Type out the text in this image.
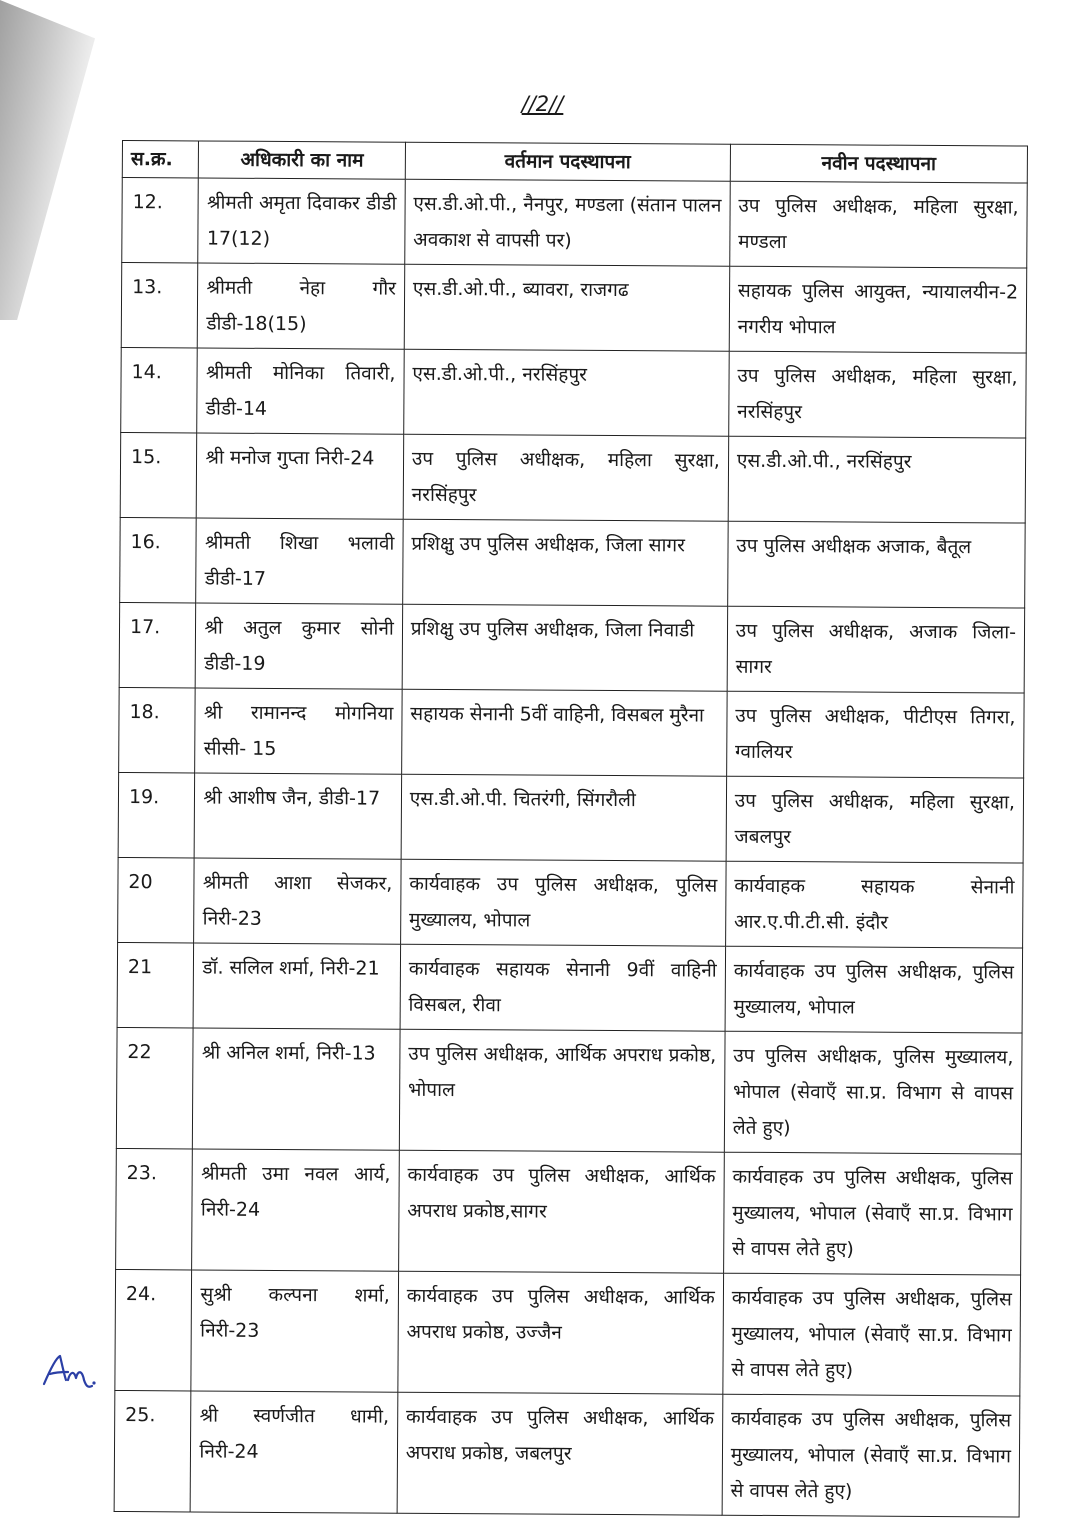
//2//
स.क्र.	अधिकारी का नाम	वर्तमान पदस्थापना	नवीन पदस्थापना
12.	श्रीमती अमृता दिवाकर डीडी 17(12)	एस.डी.ओ.पी., नैनपुर, मण्डला (संतान पालन अवकाश से वापसी पर)	उप पुलिस अधीक्षक, महिला सुरक्षा, मण्डला
13.	श्रीमती नेहा गौर डीडी-18(15)	एस.डी.ओ.पी., ब्यावरा, राजगढ	सहायक पुलिस आयुक्त, न्यायालयीन-2 नगरीय भोपाल
14.	श्रीमती मोनिका तिवारी, डीडी-14	एस.डी.ओ.पी., नरसिंहपुर	उप पुलिस अधीक्षक, महिला सुरक्षा, नरसिंहपुर
15.	श्री मनोज गुप्ता निरी-24	उप पुलिस अधीक्षक, महिला सुरक्षा, नरसिंहपुर	एस.डी.ओ.पी., नरसिंहपुर
16.	श्रीमती शिखा भलावी डीडी-17	प्रशिक्षु उप पुलिस अधीक्षक, जिला सागर	उप पुलिस अधीक्षक अजाक, बैतूल
17.	श्री अतुल कुमार सोनी डीडी-19	प्रशिक्षु उप पुलिस अधीक्षक, जिला निवाडी	उप पुलिस अधीक्षक, अजाक जिला-सागर
18.	श्री रामानन्द मोगनिया सीसी- 15	सहायक सेनानी 5वीं वाहिनी, विसबल मुरैना	उप पुलिस अधीक्षक, पीटीएस तिगरा, ग्वालियर
19.	श्री आशीष जैन, डीडी-17	एस.डी.ओ.पी. चितरंगी, सिंगरौली	उप पुलिस अधीक्षक, महिला सुरक्षा, जबलपुर
20	श्रीमती आशा सेजकर, निरी-23	कार्यवाहक उप पुलिस अधीक्षक, पुलिस मुख्यालय, भोपाल	कार्यवाहक सहायक सेनानी आर.ए.पी.टी.सी. इंदौर
21	डॉ. सलिल शर्मा, निरी-21	कार्यवाहक सहायक सेनानी 9वीं वाहिनी विसबल, रीवा	कार्यवाहक उप पुलिस अधीक्षक, पुलिस मुख्यालय, भोपाल
22	श्री अनिल शर्मा, निरी-13	उप पुलिस अधीक्षक, आर्थिक अपराध प्रकोष्ठ, भोपाल	उप पुलिस अधीक्षक, पुलिस मुख्यालय, भोपाल (सेवाएँ सा.प्र. विभाग से वापस लेते हुए)
23.	श्रीमती उमा नवल आर्य, निरी-24	कार्यवाहक उप पुलिस अधीक्षक, आर्थिक अपराध प्रकोष्ठ,सागर	कार्यवाहक उप पुलिस अधीक्षक, पुलिस मुख्यालय, भोपाल (सेवाएँ सा.प्र. विभाग से वापस लेते हुए)
24.	सुश्री कल्पना शर्मा, निरी-23	कार्यवाहक उप पुलिस अधीक्षक, आर्थिक अपराध प्रकोष्ठ, उज्जैन	कार्यवाहक उप पुलिस अधीक्षक, पुलिस मुख्यालय, भोपाल (सेवाएँ सा.प्र. विभाग से वापस लेते हुए)
25.	श्री स्वर्णजीत धामी, निरी-24	कार्यवाहक उप पुलिस अधीक्षक, आर्थिक अपराध प्रकोष्ठ, जबलपुर	कार्यवाहक उप पुलिस अधीक्षक, पुलिस मुख्यालय, भोपाल (सेवाएँ सा.प्र. विभाग से वापस लेते हुए)
